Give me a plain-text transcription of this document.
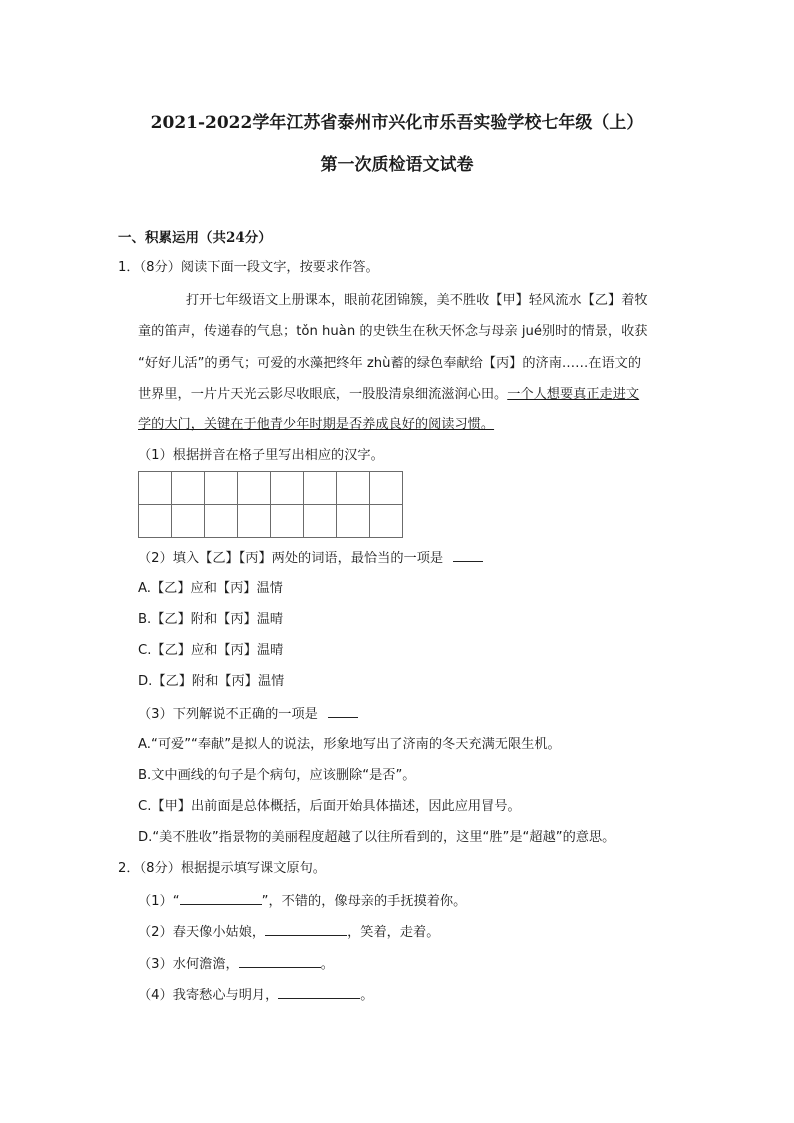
2021-2022学年江苏省泰州市兴化市乐吾实验学校七年级（上）
第一次质检语文试卷
一、积累运用（共24分）
1．（8分）阅读下面一段文字，按要求作答。
打开七年级语文上册课本，眼前花团锦簇，美不胜收【甲】轻风流水【乙】着牧
童的笛声，传递春的气息；tǒn huàn 的史铁生在秋天怀念与母亲 jué别时的情景，收获
“好好儿活”的勇气；可爱的水藻把终年 zhù蓄的绿色奉献给【丙】的济南……在语文的
世界里，一片片天光云影尽收眼底，一股股清泉细流滋润心田。一个人想要真正走进文
学的大门，关键在于他青少年时期是否养成良好的阅读习惯。
（1）根据拼音在格子里写出相应的汉字。

（2）填入【乙】【丙】两处的词语，最恰当的一项是
A.【乙】应和【丙】温情
B.【乙】附和【丙】温晴
C.【乙】应和【丙】温晴
D.【乙】附和【丙】温情
（3）下列解说不正确的一项是
A.“可爱”“奉献”是拟人的说法，形象地写出了济南的冬天充满无限生机。
B.文中画线的句子是个病句，应该删除“是否”。
C.【甲】出前面是总体概括，后面开始具体描述，因此应用冒号。
D.“美不胜收”指景物的美丽程度超越了以往所看到的，这里“胜”是“超越”的意思。
2．（8分）根据提示填写课文原句。
（1）“	”，不错的，像母亲的手抚摸着你。
（2）春天像小姑娘，	，笑着，走着。
（3）水何澹澹，	。
（4）我寄愁心与明月，	。
